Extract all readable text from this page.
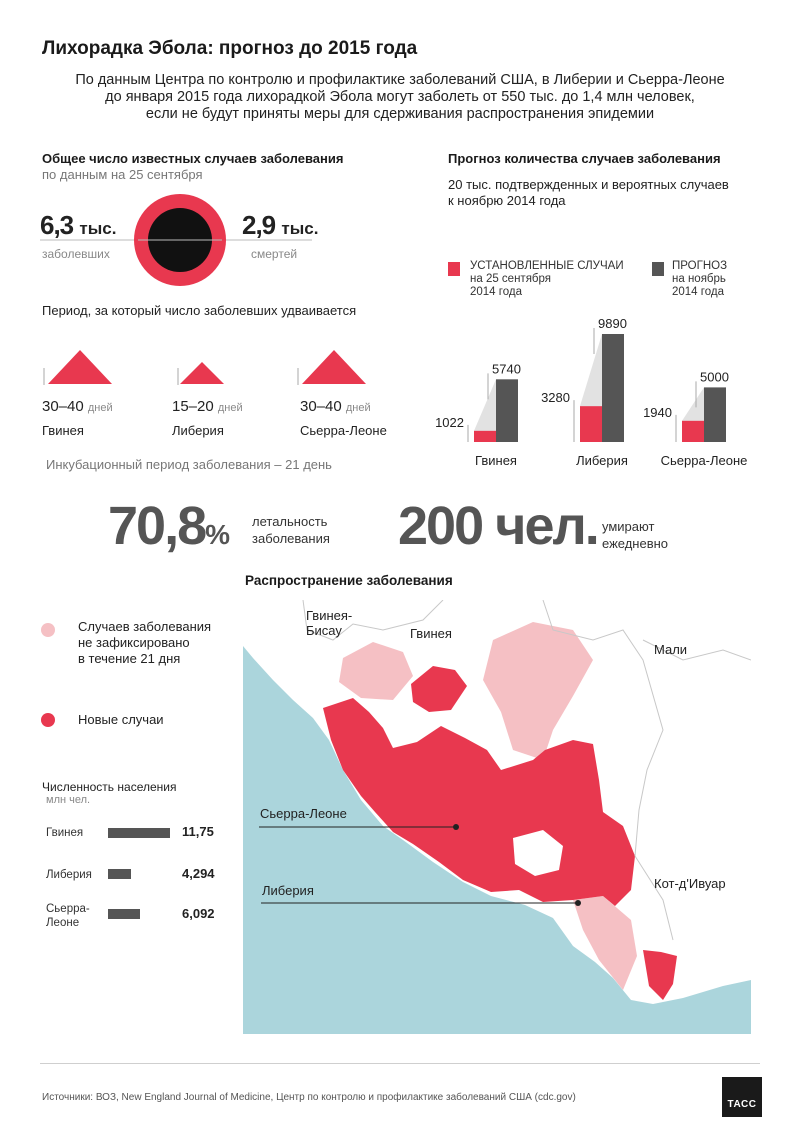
Лихорадка Эбола: прогноз до 2015 года
По данным Центра по контролю и профилактике заболеваний США, в Либерии и Сьерра-Леоне
до января 2015 года лихорадкой Эбола могут заболеть от 550 тыс. до 1,4 млн человек,
если не будут приняты меры для сдерживания распространения эпидемии
Общее число известных случаев заболевания
по данным на 25 сентября
6,3 тыс.
заболевших
2,9 тыс.
смертей
Период, за который число заболевших удваивается
30–40 дней	15–20 дней	30–40 дней
Гвинея	Либерия	Сьерра-Леоне
Инкубационный период заболевания – 21 день
Прогноз количества случаев заболевания
20 тыс. подтвержденных и вероятных случаев
к ноябрю 2014 года
УСТАНОВЛЕННЫЕ СЛУЧАИ
на 25 сентября
2014 года
ПРОГНОЗ
на ноябрь
2014 года
1022
5740
Гвинея
3280
9890
Либерия
1940
5000
Сьерра-Леоне
70,8% летальность
заболевания 200 чел. умирают
ежедневно
Распространение заболевания
Случаев заболевания
не зафиксировано
в течение 21 дня
Новые случаи
Численность населения
млн чел.
Гвинея	11,75
Либерия	4,294
Сьерра-
Леоне
6,092
Гвинея-
Бисау	Гвинея
Мали
Сьерра-Леоне
Либерия	Кот-д'Ивуар
Источники: ВОЗ, New England Journal of Medicine, Центр по контролю и профилактике заболеваний США (cdc.gov)
ТАСС
